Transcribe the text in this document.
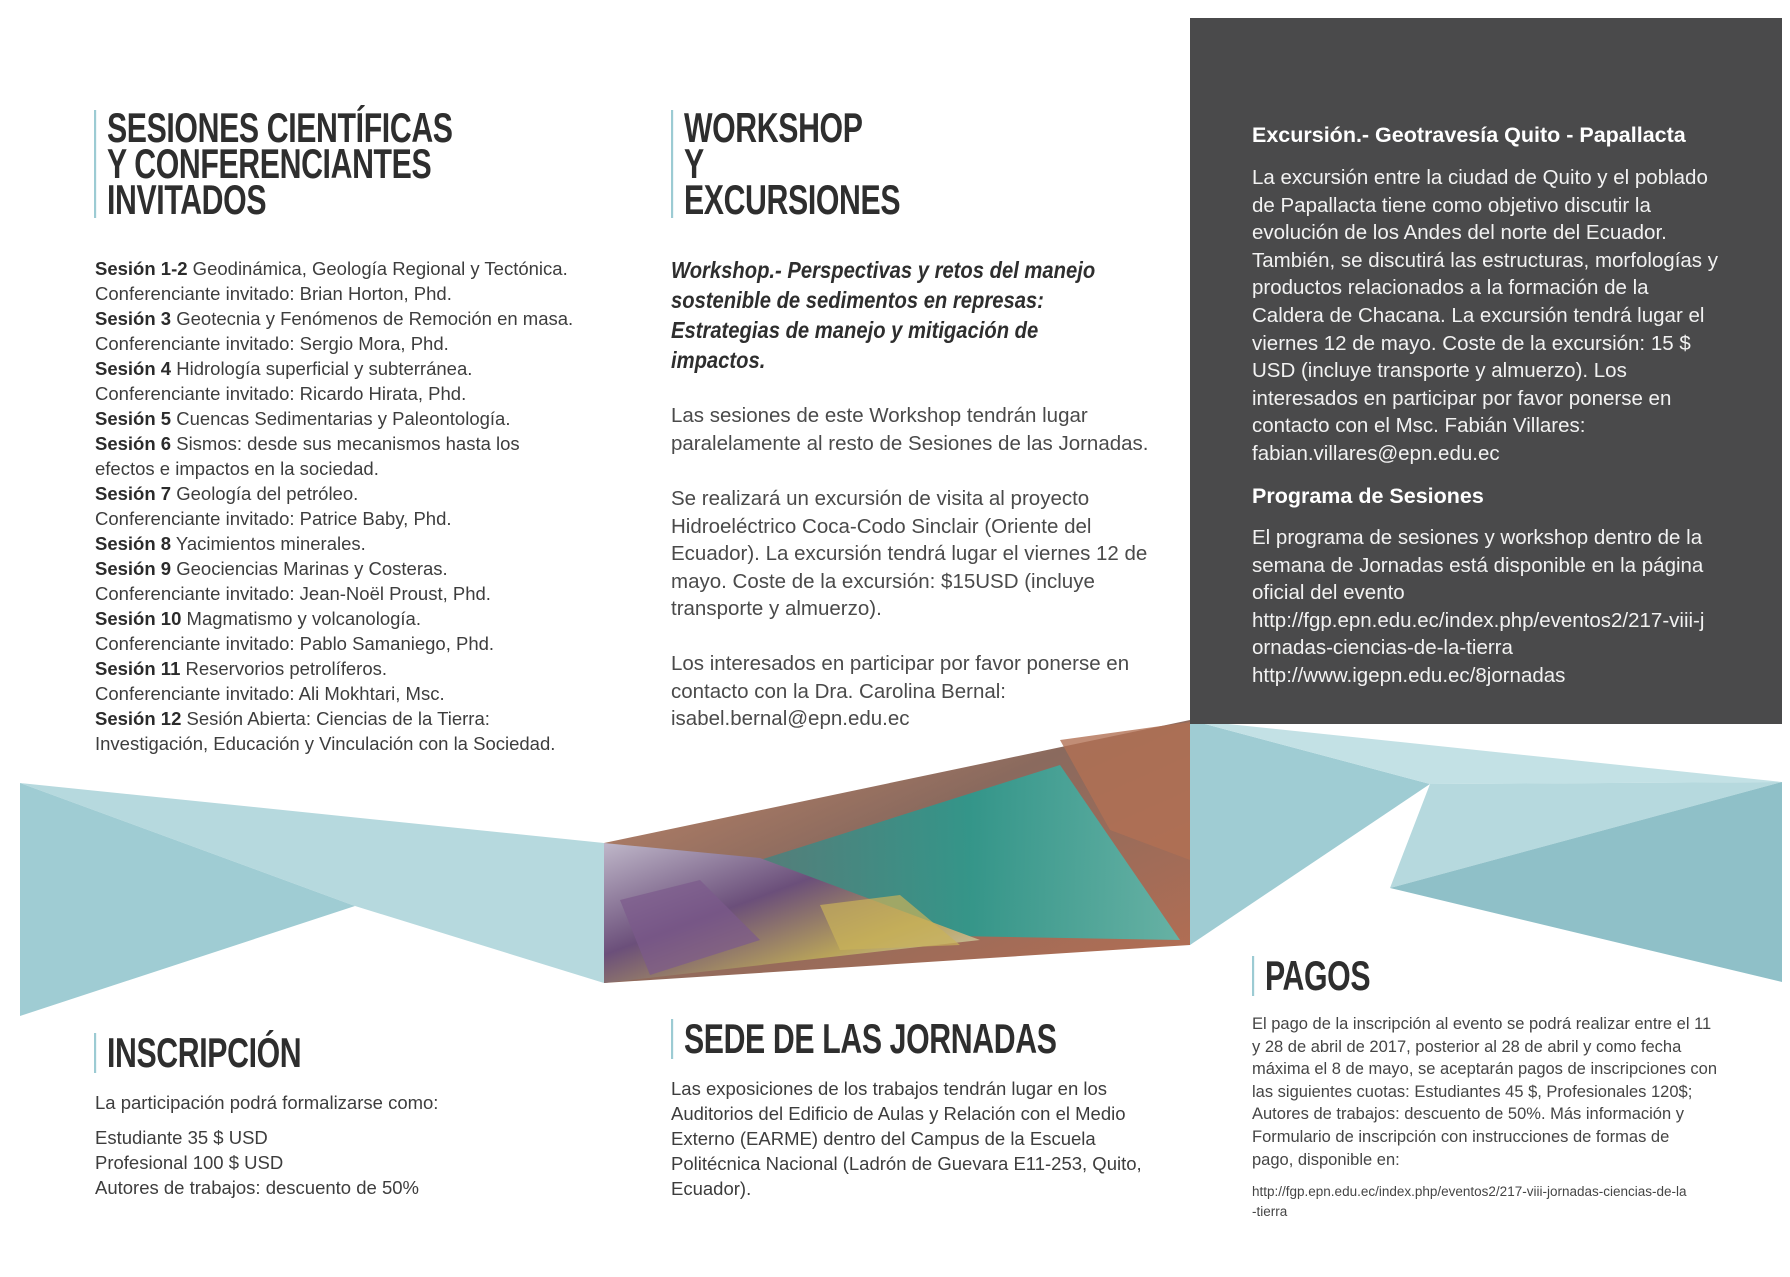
SESIONES CIENTÍFICAS
Y CONFERENCIANTES
INVITADOS
Sesión 1-2 Geodinámica, Geología Regional y Tectónica.
Conferenciante invitado: Brian Horton, Phd.
Sesión 3 Geotecnia y Fenómenos de Remoción en masa.
Conferenciante invitado: Sergio Mora, Phd.
Sesión 4 Hidrología superficial y subterránea.
Conferenciante invitado: Ricardo Hirata, Phd.
Sesión 5 Cuencas Sedimentarias y Paleontología.
Sesión 6 Sismos: desde sus mecanismos hasta los
efectos e impactos en la sociedad.
Sesión 7 Geología del petróleo.
Conferenciante invitado: Patrice Baby, Phd.
Sesión 8 Yacimientos minerales.
Sesión 9 Geociencias Marinas y Costeras.
Conferenciante invitado: Jean-Noël Proust, Phd.
Sesión 10 Magmatismo y volcanología.
Conferenciante invitado: Pablo Samaniego, Phd.
Sesión 11 Reservorios petrolíferos.
Conferenciante invitado: Ali Mokhtari, Msc.
Sesión 12 Sesión Abierta: Ciencias de la Tierra:
Investigación, Educación y Vinculación con la Sociedad.
WORKSHOP
Y
EXCURSIONES
Workshop.- Perspectivas y retos del manejo
sostenible de sedimentos en represas:
Estrategias de manejo y mitigación de
impactos.
Las sesiones de este Workshop tendrán lugar
paralelamente al resto de Sesiones de las Jornadas.
Se realizará un excursión de visita al proyecto
Hidroeléctrico Coca-Codo Sinclair (Oriente del
Ecuador). La excursión tendrá lugar el viernes 12 de
mayo. Coste de la excursión: $15USD (incluye
transporte y almuerzo).
Los interesados en participar por favor ponerse en
contacto con la Dra. Carolina Bernal:
isabel.bernal@epn.edu.ec
Excursión.- Geotravesía Quito - Papallacta
La excursión entre la ciudad de Quito y el poblado
de Papallacta tiene como objetivo discutir la
evolución de los Andes del norte del Ecuador.
También, se discutirá las estructuras, morfologías y
productos relacionados a la formación de la
Caldera de Chacana. La excursión tendrá lugar el
viernes 12 de mayo. Coste de la excursión: 15 $
USD (incluye transporte y almuerzo). Los
interesados en participar por favor ponerse en
contacto con el Msc. Fabián Villares:
fabian.villares@epn.edu.ec
Programa de Sesiones
El programa de sesiones y workshop dentro de la
semana de Jornadas está disponible en la página
oficial del evento
http://fgp.epn.edu.ec/index.php/eventos2/217-viii-j
ornadas-ciencias-de-la-tierra
http://www.igepn.edu.ec/8jornadas
INSCRIPCIÓN
La participación podrá formalizarse como:
Estudiante 35 $ USD
Profesional 100 $ USD
Autores de trabajos: descuento de 50%
SEDE DE LAS JORNADAS
Las exposiciones de los trabajos tendrán lugar en los
Auditorios del Edificio de Aulas y Relación con el Medio
Externo (EARME) dentro del Campus de la Escuela
Politécnica Nacional (Ladrón de Guevara E11-253, Quito,
Ecuador).
PAGOS
El pago de la inscripción al evento se podrá realizar entre el 11
y 28 de abril de 2017, posterior al 28 de abril y como fecha
máxima el 8 de mayo, se aceptarán pagos de inscripciones con
las siguientes cuotas: Estudiantes 45 $, Profesionales 120$;
Autores de trabajos: descuento de 50%. Más información y
Formulario de inscripción con instrucciones de formas de
pago, disponible en:
http://fgp.epn.edu.ec/index.php/eventos2/217-viii-jornadas-ciencias-de-la
-tierra
